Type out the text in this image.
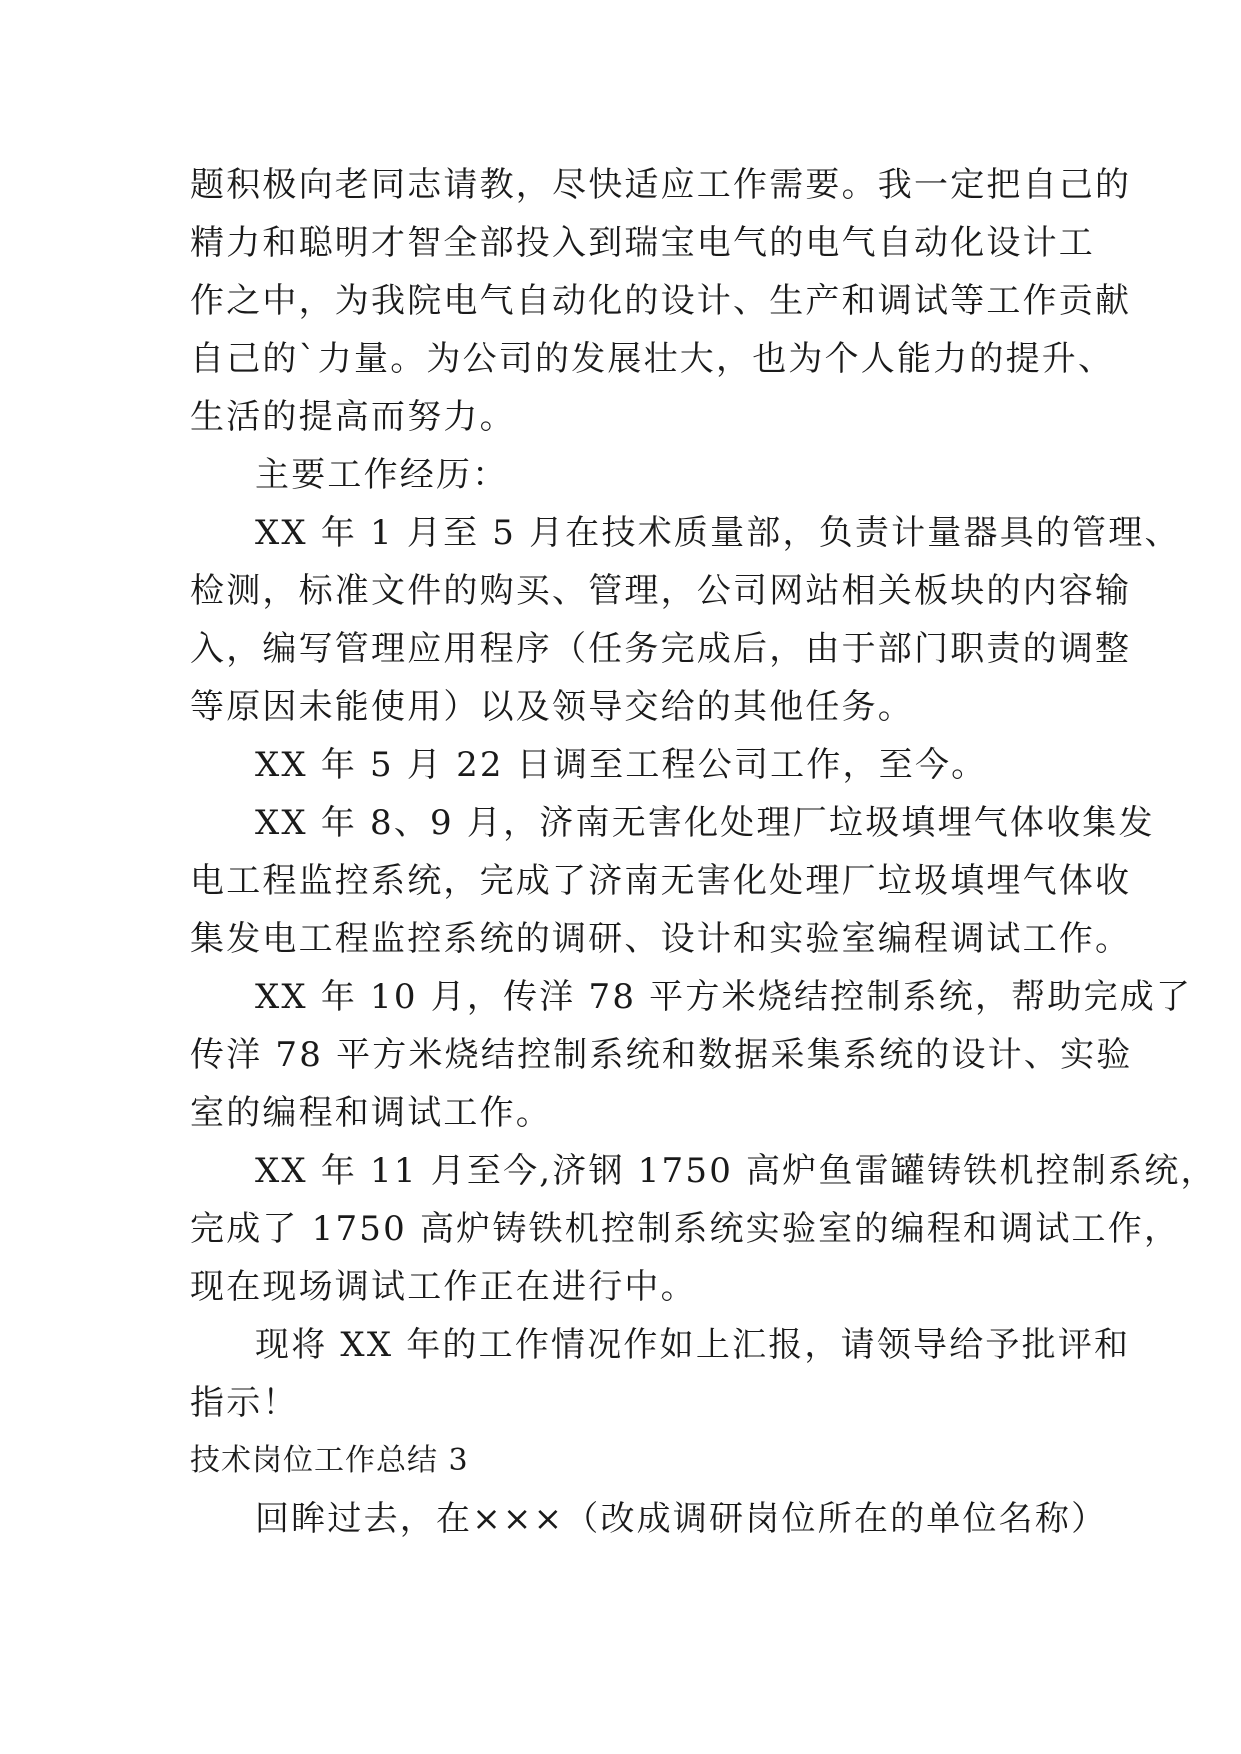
题积极向老同志请教，尽快适应工作需要。我一定把自己的
精力和聪明才智全部投入到瑞宝电气的电气自动化设计工
作之中，为我院电气自动化的设计、生产和调试等工作贡献
自己的`力量。为公司的发展壮大，也为个人能力的提升、
生活的提高而努力。
主要工作经历：
XX 年 1 月至 5 月在技术质量部，负责计量器具的管理、
检测，标准文件的购买、管理，公司网站相关板块的内容输
入，编写管理应用程序（任务完成后，由于部门职责的调整
等原因未能使用）以及领导交给的其他任务。
XX 年 5 月 22 日调至工程公司工作，至今。
XX 年 8、9 月，济南无害化处理厂垃圾填埋气体收集发
电工程监控系统，完成了济南无害化处理厂垃圾填埋气体收
集发电工程监控系统的调研、设计和实验室编程调试工作。
XX 年 10 月，传洋 78 平方米烧结控制系统，帮助完成了
传洋 78 平方米烧结控制系统和数据采集系统的设计、实验
室的编程和调试工作。
XX 年 11 月至今,济钢 1750 高炉鱼雷罐铸铁机控制系统，
完成了 1750 高炉铸铁机控制系统实验室的编程和调试工作，
现在现场调试工作正在进行中。
现将 XX 年的工作情况作如上汇报，请领导给予批评和
指示！
技术岗位工作总结 3
回眸过去，在×××（改成调研岗位所在的单位名称）
